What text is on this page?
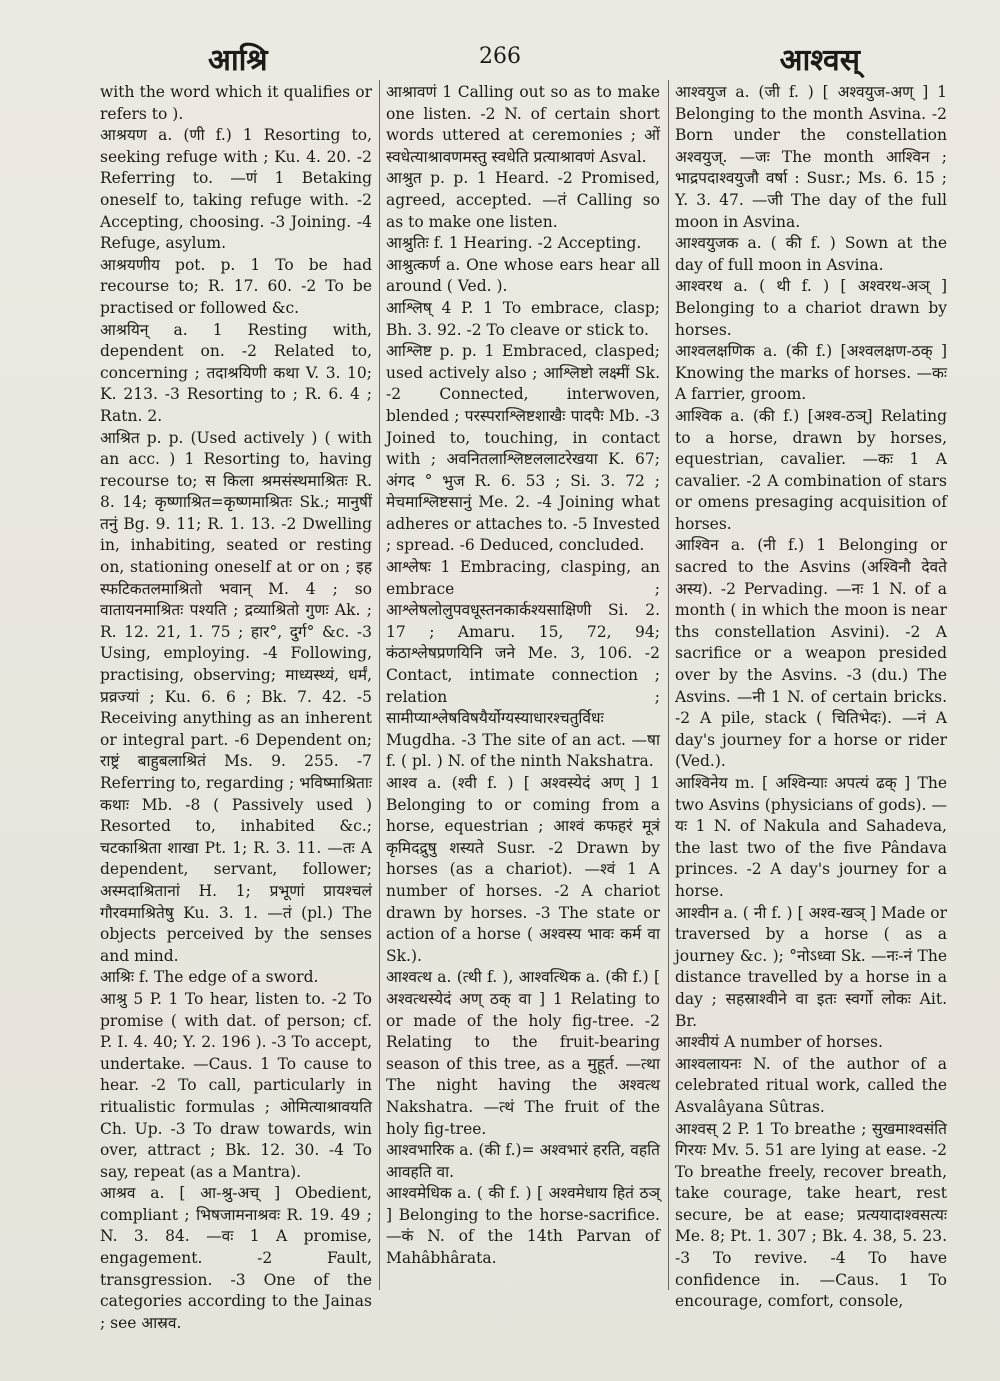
आश्रि	266	आश्वस्

with the word which it qualifies or refers to ).

आश्रयण a. (णी f.) 1 Resorting to, seeking refuge with ; Ku. 4. 20. -2 Referring to. —णं 1 Betaking oneself to, taking refuge with. -2 Accepting, choosing. -3 Joining. -4 Refuge, asylum.

आश्रयणीय pot. p. 1 To be had recourse to; R. 17. 60. -2 To be practised or followed &c.

आश्रयिन् a. 1 Resting with, dependent on. -2 Related to, concerning ; तदाश्रयिणी कथा V. 3. 10; K. 213. -3 Resorting to ; R. 6. 4 ; Ratn. 2.

आश्रित p. p. (Used actively ) ( with an acc. ) 1 Resorting to, having recourse to; स किला श्रमसंस्थमाश्रितः R. 8. 14; कृष्णाश्रित=कृष्णमाश्रितः Sk.; मानुषीं तनुं Bg. 9. 11; R. 1. 13. -2 Dwelling in, inhabiting, seated or resting on, stationing oneself at or on ; इह स्फटिकतलमाश्रितो भवान् M. 4 ; so वातायनमाश्रितः पश्यति ; द्रव्याश्रितो गुणः Ak. ; R. 12. 21, 1. 75 ; हार°, दुर्ग° &c. -3 Using, employing. -4 Following, practising, observing; माध्यस्थ्यं, धर्मं, प्रव्रज्यां ; Ku. 6. 6 ; Bk. 7. 42. -5 Receiving anything as an inherent or integral part. -6 Dependent on; राष्ट्रं बाहुबलाश्रितं Ms. 9. 255. -7 Referring to, regarding ; भविष्माश्रिताः कथाः Mb. -8 ( Passively used ) Resorted to, inhabited &c.; चटकाश्रिता शाखा Pt. 1; R. 3. 11. —तः A dependent, servant, follower; अस्मदाश्रितानां H. 1; प्रभूणां प्रायश्चलं गौरवमाश्रितेषु Ku. 3. 1. —तं (pl.) The objects perceived by the senses and mind.

आश्रिः f. The edge of a sword.

आश्रु 5 P. 1 To hear, listen to. -2 To promise ( with dat. of person; cf. P. I. 4. 40; Y. 2. 196 ). -3 To accept, undertake. —Caus. 1 To cause to hear. -2 To call, particularly in ritualistic formulas ; ओमित्याश्रावयति Ch. Up. -3 To draw towards, win over, attract ; Bk. 12. 30. -4 To say, repeat (as a Mantra).

आश्रव a. [ आ-श्रु-अच् ] Obedient, compliant ; भिषजामनाश्रवः R. 19. 49 ; N. 3. 84. —वः 1 A promise, engagement. -2 Fault, transgression. -3 One of the categories according to the Jainas ; see आस्रव.

आश्रावणं 1 Calling out so as to make one listen. -2 N. of certain short words uttered at ceremonies ; ओं स्वधेत्याश्रावणमस्तु स्वधेति प्रत्याश्रावणं Asval.

आश्रुत p. p. 1 Heard. -2 Promised, agreed, accepted. —तं Calling so as to make one listen.

आश्रुतिः f. 1 Hearing. -2 Accepting.

आश्रुत्कर्ण a. One whose ears hear all around ( Ved. ).

आश्लिष् 4 P. 1 To embrace, clasp; Bh. 3. 92. -2 To cleave or stick to.

आश्लिष्ट p. p. 1 Embraced, clasped; used actively also ; आश्लिष्टो लक्ष्मीं Sk. -2 Connected, interwoven, blended ; परस्पराश्लिष्टशाखैः पादपैः Mb. -3 Joined to, touching, in contact with ; अवनितलाश्लिष्टललाटरेखया K. 67; अंगद ° भुज R. 6. 53 ; Si. 3. 72 ; मेचमाश्लिष्टसानुं Me. 2. -4 Joining what adheres or attaches to. -5 Invested ; spread. -6 Deduced, concluded.

आश्लेषः 1 Embracing, clasping, an embrace ; आश्लेषलोलुपवधूस्तनकार्कश्यसाक्षिणी Si. 2. 17 ; Amaru. 15, 72, 94; कंठाश्लेषप्रणयिनि जने Me. 3, 106. -2 Contact, intimate connection ; relation ; सामीप्याश्लेषविषयैर्योग्यस्याधारश्चतुर्विधः Mugdha. -3 The site of an act. —षा f. ( pl. ) N. of the ninth Nakshatra.

आश्व a. (श्वी f. ) [ अश्वस्येदं अण् ] 1 Belonging to or coming from a horse, equestrian ; आश्वं कफहरं मूत्रं कृमिदद्रुषु शस्यते Susr. -2 Drawn by horses (as a chariot). —श्वं 1 A number of horses. -2 A chariot drawn by horses. -3 The state or action of a horse ( अश्वस्य भावः कर्म वा Sk.).

आश्वत्थ a. (त्थी f. ), आश्वत्थिक a. (की f.) [ अश्वत्थस्येदं अण् ठक् वा ] 1 Relating to or made of the holy fig-tree. -2 Relating to the fruit-bearing season of this tree, as a मुहूर्त. —त्था The night having the अश्वत्थ Nakshatra. —त्थं The fruit of the holy fig-tree.

आश्वभारिक a. (की f.)= अश्वभारं हरति, वहति आवहति वा.

आश्वमेधिक a. ( की f. ) [ अश्वमेधाय हितं ठञ् ] Belonging to the horse-sacrifice. —कं N. of the 14th Parvan of Mahâbhârata.

आश्वयुज a. (जी f. ) [ अश्वयुज-अण् ] 1 Belonging to the month Asvina. -2 Born under the constellation अश्वयुज्. —जः The month आश्विन ; भाद्रपदाश्वयुजौ वर्षा : Susr.; Ms. 6. 15 ; Y. 3. 47. —जी The day of the full moon in Asvina.

आश्वयुजक a. ( की f. ) Sown at the day of full moon in Asvina.

आश्वरथ a. ( थी f. ) [ अश्वरथ-अञ् ] Belonging to a chariot drawn by horses.

आश्वलक्षणिक a. (की f.) [अश्वलक्षण-ठक् ] Knowing the marks of horses. —कः A farrier, groom.

आश्विक a. (की f.) [अश्व-ठञ्] Relating to a horse, drawn by horses, equestrian, cavalier. —कः 1 A cavalier. -2 A combination of stars or omens presaging acquisition of horses.

आश्विन a. (नी f.) 1 Belonging or sacred to the Asvins (अश्विनौ देवते अस्य). -2 Pervading. —नः 1 N. of a month ( in which the moon is near ths constellation Asvini). -2 A sacrifice or a weapon presided over by the Asvins. -3 (du.) The Asvins. —नी 1 N. of certain bricks. -2 A pile, stack ( चितिभेदः). —नं A day's journey for a horse or rider (Ved.).

आश्विनेय m. [ अश्विन्याः अपत्यं ढक् ] The two Asvins (physicians of gods). —यः 1 N. of Nakula and Sahadeva, the last two of the five Pândava princes. -2 A day's journey for a horse.

आश्वीन a. ( नी f. ) [ अश्व-खञ् ] Made or traversed by a horse ( as a journey &c. ); °नोऽध्वा Sk. —नः-नं The distance travelled by a horse in a day ; सहस्राश्वीने वा इतः स्वर्गो लोकः Ait. Br.

आश्वीयं A number of horses.

आश्वलायनः N. of the author of a celebrated ritual work, called the Asvalâyana Sûtras.

आश्वस् 2 P. 1 To breathe ; सुखमाश्वसंति गिरयः Mv. 5. 51 are lying at ease. -2 To breathe freely, recover breath, take courage, take heart, rest secure, be at ease; प्रत्ययादाश्वसत्यः Me. 8; Pt. 1. 307 ; Bk. 4. 38, 5. 23. -3 To revive. -4 To have confidence in. —Caus. 1 To encourage, comfort, console,
